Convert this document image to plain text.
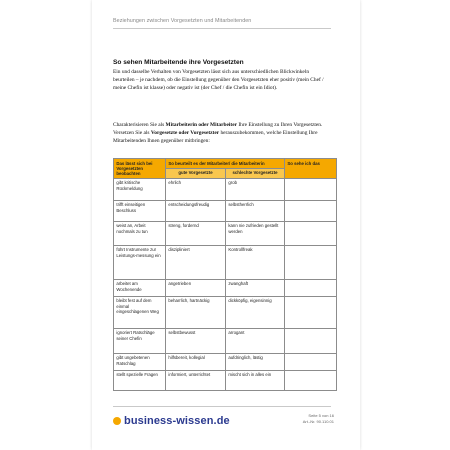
Beziehungen zwischen Vorgesetzten und Mitarbeitenden
So sehen Mitarbeitende ihre Vorgesetzten
Ein und dasselbe Verhalten von Vorgesetzten lässt sich aus unterschiedlichen Blickwinkeln beurteilen – je nachdem, ob die Einstellung gegenüber den Vorgesetzten eher positiv (mein Chef / meine Chefin ist klasse) oder negativ ist (der Chef / die Chefin ist ein Idiot).
Charakterisieren Sie als Mitarbeiterin oder Mitarbeiter Ihre Einstellung zu Ihren Vorgesetzten. Versetzen Sie als Vorgesetzte oder Vorgesetzter herauszubekommen, welche Einstellung Ihre Mitarbeitenden Ihnen gegenüber mitbringen:
Das lässt sich bei Vorgesetzten beobachten	So beurteilt es der Mitarbeiter/ die Mitarbeiterin		So sehe ich das
	gute Vorgesetzte	schlechte Vorgesetzte	
gibt kritische Rückmeldung	ehrlich	grob	
trifft einseitigen Beschluss	entscheidungsfreudig	selbstherrlich	
weist an, Arbeit nochmals zu tun	streng, fordernd	kann nie zufrieden gestellt werden	
führt Instrumente zur Leistungs-messung ein	diszipliniert	Kontrollfreak	
arbeitet am Wochenende	angetrieben	zwanghaft	
bleibt fest auf dem einmal eingeschlagenen Weg	beharrlich, hartnäckig	dickköpfig, eigensinnig	
ignoriert Ratschläge seiner Chefin	selbstbewusst	arrogant	
gibt ungebetenen Ratschlag	hilfsbereit, kollegial	aufdringlich, lästig	
stellt spezielle Fragen	informiert, unterrichtet	mischt sich in alles ein	
business-wissen.de	Seite 5 von 16
Art.-Nr. 90.110.01
